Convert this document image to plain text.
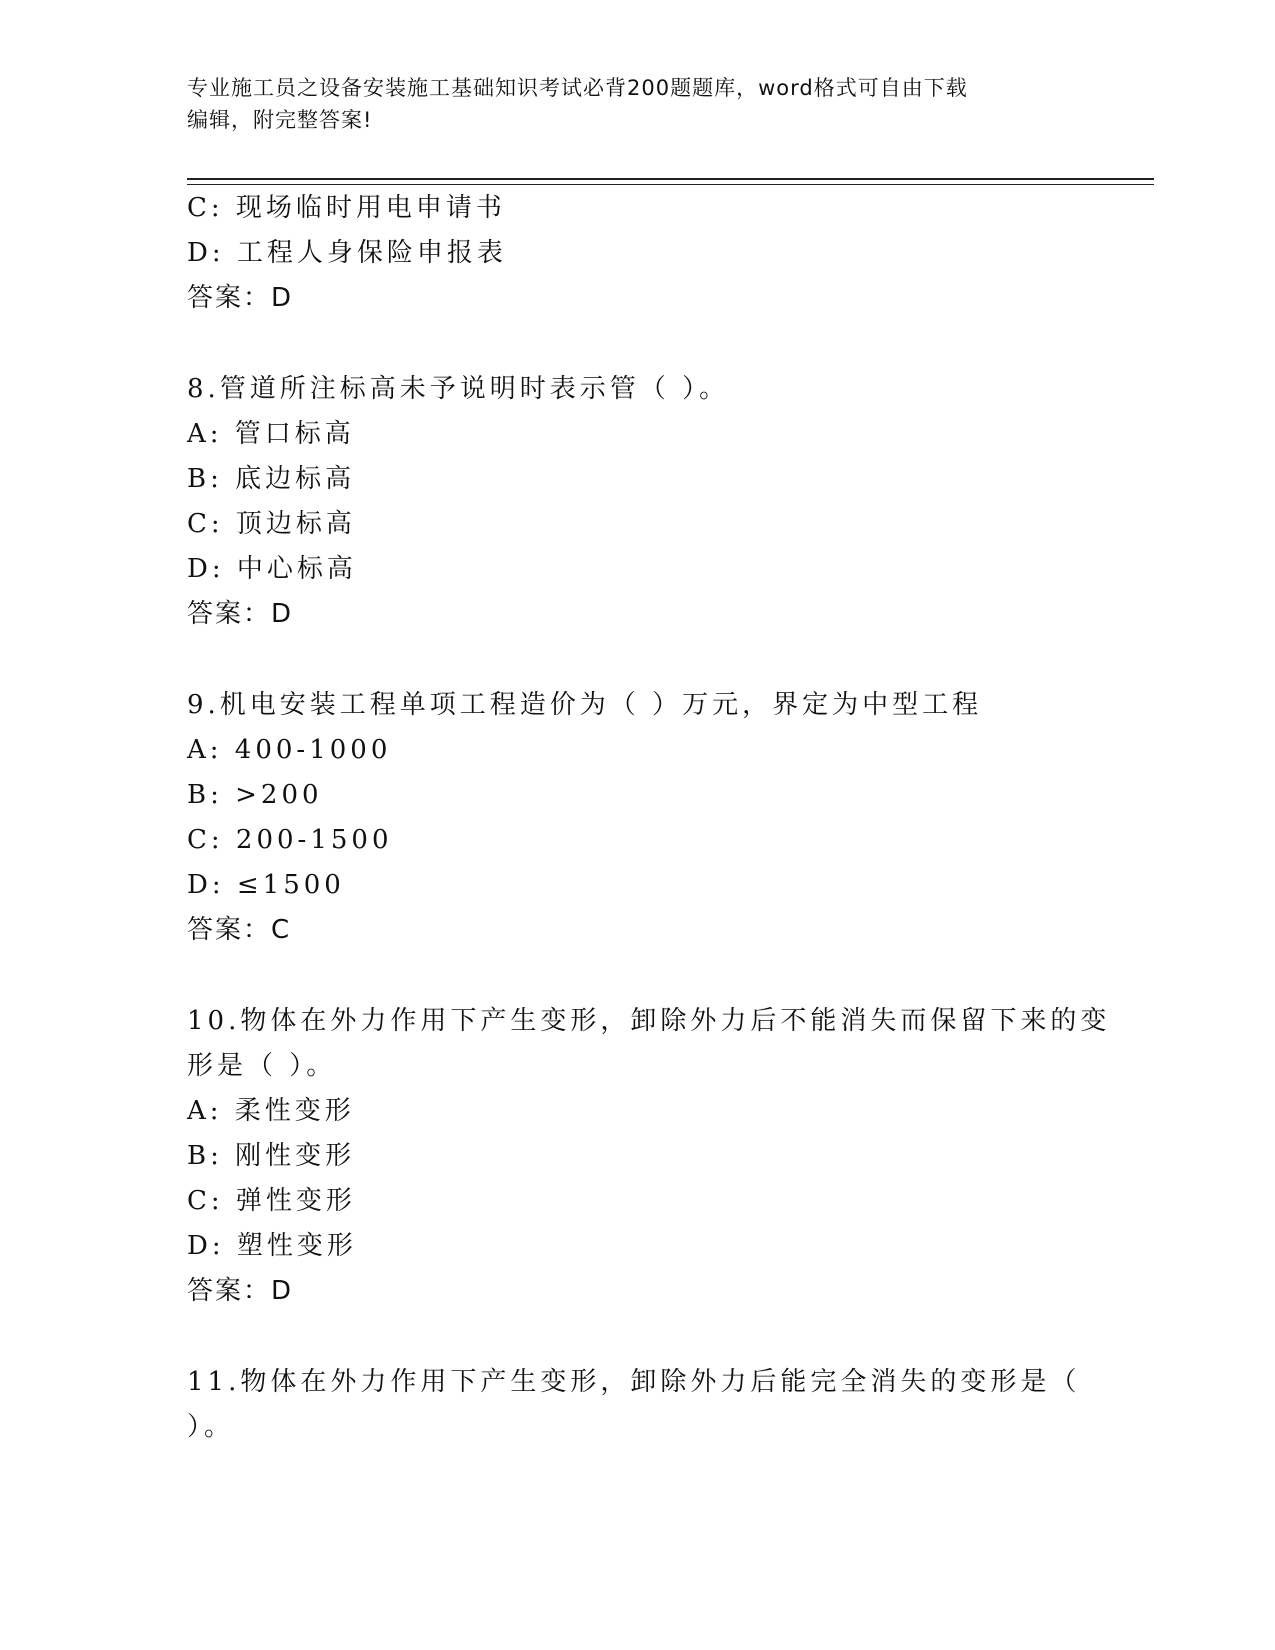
专业施工员之设备安装施工基础知识考试必背200题题库，word格式可自由下载
编辑，附完整答案!
C: 现场临时用电申请书
D: 工程人身保险申报表
答案：D
8.管道所注标高未予说明时表示管（ ）。
A: 管口标高
B: 底边标高
C: 顶边标高
D: 中心标高
答案：D
9.机电安装工程单项工程造价为（ ）万元，界定为中型工程
A: 400-1000
B: >200
C: 200-1500
D: ≤1500
答案：C
10.物体在外力作用下产生变形，卸除外力后不能消失而保留下来的变
形是（ ）。
A: 柔性变形
B: 刚性变形
C: 弹性变形
D: 塑性变形
答案：D
11.物体在外力作用下产生变形，卸除外力后能完全消失的变形是（
）。
